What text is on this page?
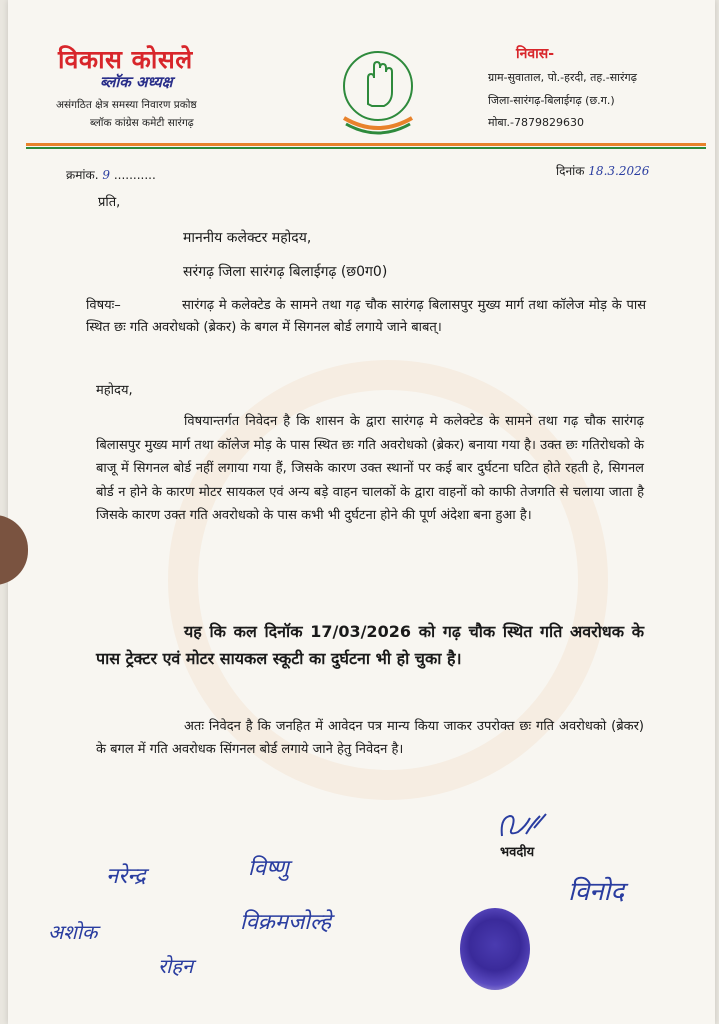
विकास कोसले
ब्लॉक अध्यक्ष
असंगठित क्षेत्र समस्या निवारण प्रकोष्ठ
ब्लॉक कांग्रेस कमेटी सारंगढ़
निवास-
ग्राम-सुवाताल, पो.-हरदी, तह.-सारंगढ़
जिला-सारंगढ़-बिलाईगढ़ (छ.ग.)
मोबा.-7879829630
क्रमांक. 9 ...........	दिनांक 18.3.2026
प्रति,
माननीय कलेक्टर महोदय,
सरंगढ़ जिला सारंगढ़ बिलाईगढ़ (छ0ग0)
विषयः–	सारंगढ़ मे कलेक्टेड के सामने तथा गढ़ चौक सारंगढ़ बिलासपुर मुख्य मार्ग तथा कॉलेज मोड़ के पास स्थित छः गति अवरोधको (ब्रेकर) के बगल में सिगनल बोर्ड लगाये जाने बाबत्।
महोदय,
विषयान्तर्गत निवेदन है कि शासन के द्वारा सारंगढ़ मे कलेक्टेड के सामने तथा गढ़ चौक सारंगढ़ बिलासपुर मुख्य मार्ग तथा कॉलेज मोड़ के पास स्थित छः गति अवरोधको (ब्रेकर) बनाया गया है। उक्त छः गतिरोधको के बाजू में सिगनल बोर्ड नहीं लगाया गया हैं, जिसके कारण उक्त स्थानों पर कई बार दुर्घटना घटित होते रहती हे, सिगनल बोर्ड न होने के कारण मोटर सायकल एवं अन्य बड़े वाहन चालकों के द्वारा वाहनों को काफी तेजगति से चलाया जाता है जिसके कारण उक्त गति अवरोधको के पास कभी भी दुर्घटना होने की पूर्ण अंदेशा बना हुआ है।
यह कि कल दिनॉक 17/03/2026 को गढ़ चौक स्थित गति अवरोधक के पास ट्रेक्टर एवं मोटर सायकल स्कूटी का दुर्घटना भी हो चुका है।
अतः निवेदन है कि जनहित में आवेदन पत्र मान्य किया जाकर उपरोक्त छः गति अवरोधको (ब्रेकर) के बगल में गति अवरोधक सिंगनल बोर्ड लगाये जाने हेतु निवेदन है।
भवदीय
नरेन्द्र	विष्णु
विनोद
विक्रमजोल्हे
अशोक
रोहन
